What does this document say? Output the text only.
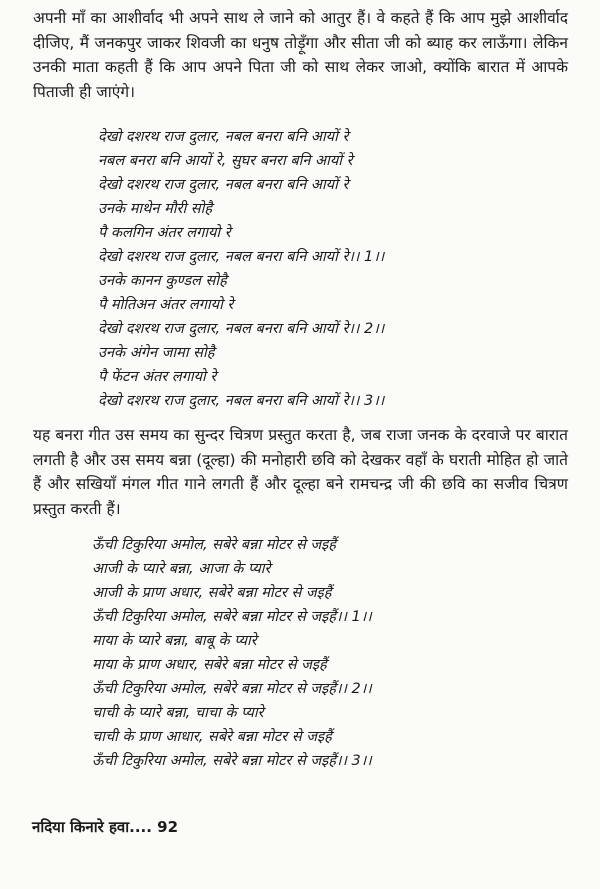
अपनी माँ का आशीर्वाद भी अपने साथ ले जाने को आतुर हैं। वे कहते हैं कि आप मुझे आशीर्वाद दीजिए, मैं जनकपुर जाकर शिवजी का धनुष तोड़ूँगा और सीता जी को ब्याह कर लाऊँगा। लेकिन उनकी माता कहती हैं कि आप अपने पिता जी को साथ लेकर जाओ, क्योंकि बारात में आपके पिताजी ही जाएंगे।

देखो दशरथ राज दुलार, नबल बनरा बनि आयों रे
नबल बनरा बनि आयों रे, सुघर बनरा बनि आयों रे
देखो दशरथ राज दुलार, नबल बनरा बनि आयों रे
उनके माथेन मौरी सोहै
पै कलगिन अंतर लगायो रे
देखो दशरथ राज दुलार, नबल बनरा बनि आयों रे।। 1।।
उनके कानन कुण्डल सोहै
पै मोतिअन अंतर लगायो रे
देखो दशरथ राज दुलार, नबल बनरा बनि आयों रे।। 2।।
उनके अंगेन जामा सोहै
पै फेंटन अंतर लगायो रे
देखो दशरथ राज दुलार, नबल बनरा बनि आयों रे।। 3।।

यह बनरा गीत उस समय का सुन्दर चित्रण प्रस्तुत करता है, जब राजा जनक के दरवाजे पर बारात लगती है और उस समय बन्ना (दूल्हा) की मनोहारी छवि को देखकर वहाँ के घराती मोहित हो जाते हैं और सखियाँ मंगल गीत गाने लगती हैं और दूल्हा बने रामचन्द्र जी की छवि का सजीव चित्रण प्रस्तुत करती हैं।

ऊँची टिकुरिया अमोल, सबेरे बन्ना मोटर से जइहैं
आजी के प्यारे बन्ना, आजा के प्यारे
आजी के प्राण अधार, सबेरे बन्ना मोटर से जइहैं
ऊँची टिकुरिया अमोल, सबेरे बन्ना मोटर से जइहैं।। 1।।
माया के प्यारे बन्ना, बाबू के प्यारे
माया के प्राण अधार, सबेरे बन्ना मोटर से जइहैं
ऊँची टिकुरिया अमोल, सबेरे बन्ना मोटर से जइहैं।। 2।।
चाची के प्यारे बन्ना, चाचा के प्यारे
चाची के प्राण आधार, सबेरे बन्ना मोटर से जइहैं
ऊँची टिकुरिया अमोल, सबेरे बन्ना मोटर से जइहैं।। 3।।
नदिया किनारे हवा.... 92
